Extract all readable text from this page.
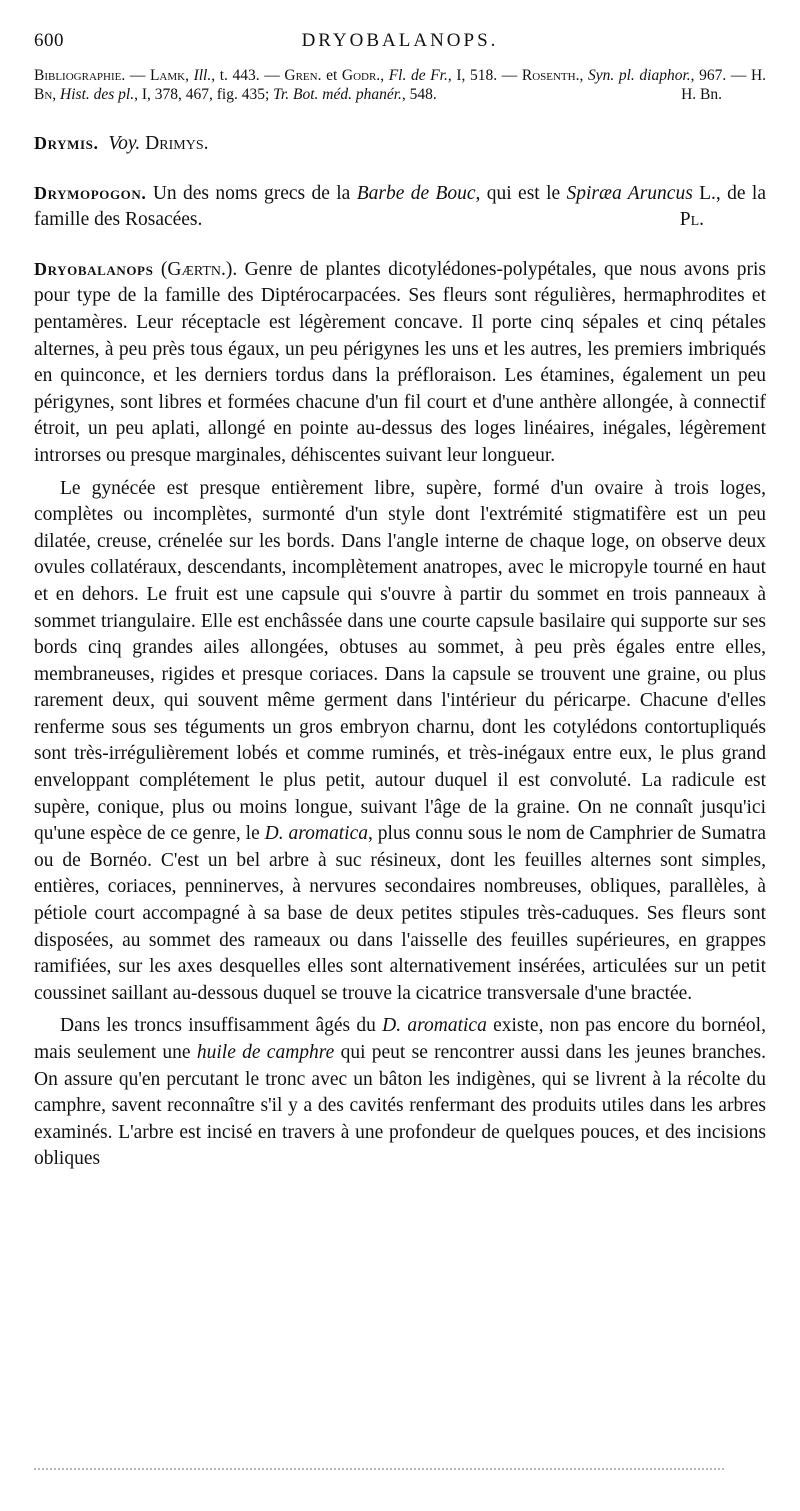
600	DRYOBALANOPS.
Bibliographie. — Lamk, Ill., t. 443. — Gren. et Godr., Fl. de Fr., I, 518. — Rosenth., Syn. pl. diaphor., 967. — H. Bn, Hist. des pl., I, 378, 467, fig. 435; Tr. Bot. méd. phanér., 548.	H. Bn.

Drymis. Voy. Drimys.

Drymopogon. Un des noms grecs de la Barbe de Bouc, qui est le Spiræa Aruncus L., de la famille des Rosacées.	Pl.

Dryobalanops (Gærtn.). Genre de plantes dicotylédones-polypétales, que nous avons pris pour type de la famille des Diptérocarpacées. Ses fleurs sont régulières, hermaphrodites et pentamères. Leur réceptacle est légèrement concave. Il porte cinq sépales et cinq pétales alternes, à peu près tous égaux, un peu périgynes les uns et les autres, les premiers imbriqués en quinconce, et les derniers tordus dans la préfloraison. Les étamines, également un peu périgynes, sont libres et formées chacune d'un fil court et d'une anthère allongée, à connectif étroit, un peu aplati, allongé en pointe au-dessus des loges linéaires, inégales, légèrement introrses ou presque marginales, déhiscentes suivant leur longueur.

Le gynécée est presque entièrement libre, supère, formé d'un ovaire à trois loges, complètes ou incomplètes, surmonté d'un style dont l'extrémité stigmatifère est un peu dilatée, creuse, crénelée sur les bords. Dans l'angle interne de chaque loge, on observe deux ovules collatéraux, descendants, incomplètement anatropes, avec le micropyle tourné en haut et en dehors. Le fruit est une capsule qui s'ouvre à partir du sommet en trois panneaux à sommet triangulaire. Elle est enchâssée dans une courte capsule basilaire qui supporte sur ses bords cinq grandes ailes allongées, obtuses au sommet, à peu près égales entre elles, membraneuses, rigides et presque coriaces. Dans la capsule se trouvent une graine, ou plus rarement deux, qui souvent même germent dans l'intérieur du péricarpe. Chacune d'elles renferme sous ses téguments un gros embryon charnu, dont les cotylédons contortupliqués sont très-irrégulièrement lobés et comme ruminés, et très-inégaux entre eux, le plus grand enveloppant complétement le plus petit, autour duquel il est convoluté. La radicule est supère, conique, plus ou moins longue, suivant l'âge de la graine. On ne connaît jusqu'ici qu'une espèce de ce genre, le D. aromatica, plus connu sous le nom de Camphrier de Sumatra ou de Bornéo. C'est un bel arbre à suc résineux, dont les feuilles alternes sont simples, entières, coriaces, penninerves, à nervures secondaires nombreuses, obliques, parallèles, à pétiole court accompagné à sa base de deux petites stipules très-caduques. Ses fleurs sont disposées, au sommet des rameaux ou dans l'aisselle des feuilles supérieures, en grappes ramifiées, sur les axes desquelles elles sont alternativement insérées, articulées sur un petit coussinet saillant au-dessous duquel se trouve la cicatrice transversale d'une bractée.

Dans les troncs insuffisamment âgés du D. aromatica existe, non pas encore du bornéol, mais seulement une huile de camphre qui peut se rencontrer aussi dans les jeunes branches. On assure qu'en percutant le tronc avec un bâton les indigènes, qui se livrent à la récolte du camphre, savent reconnaître s'il y a des cavités renfermant des produits utiles dans les arbres examinés. L'arbre est incisé en travers à une profondeur de quelques pouces, et des incisions obliques
